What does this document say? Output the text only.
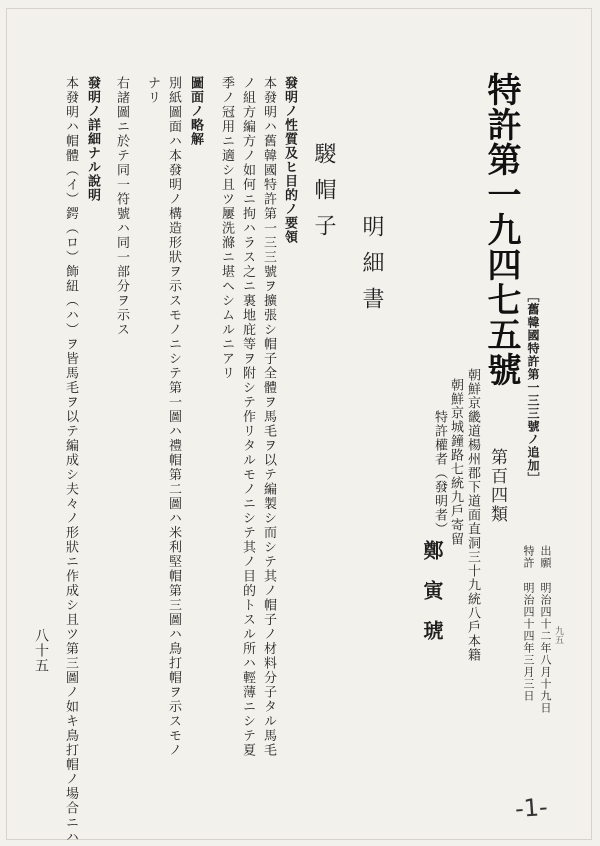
特許第一九四七五號
［舊韓國特許第一三三號ノ追加］
第百四類
出願
明治四十二年八月十九日
特許
明治四十四年三月三日
朝鮮京畿道楊州郡下道面直洞三十九統八戶本籍
朝鮮京城鐘路七統九戶寄留
特許權者（發明者）
鄭　寅　琥
明細書
騣帽子
發明ノ性質及ヒ目的ノ要領
本發明ハ舊韓國特許第一三三號ヲ擴張シ帽子全體ヲ馬毛ヲ以テ編製シ而シテ其ノ帽子ノ材料分子タル馬毛
ノ組方編方ノ如何ニ拘ハラス之ニ裏地庇等ヲ附シテ作リタルモノニシテ其ノ目的トスル所ハ輕薄ニシテ夏
季ノ冠用ニ適シ且ツ屢洗滌ニ堪ヘシムルニアリ
圖面ノ略解
別紙圖面ハ本發明ノ構造形狀ヲ示スモノニシテ第一圖ハ禮帽第二圖ハ米利堅帽第三圖ハ鳥打帽ヲ示スモノ
ナリ
右諸圖ニ於テ同一符號ハ同一部分ヲ示ス
發明ノ詳細ナル說明
本發明ハ帽體（イ）鍔（ロ）飾紐（ハ）ヲ皆馬毛ヲ以テ編成シ夫々ノ形狀ニ作成シ且ツ第三圖ノ如キ鳥打帽ノ場合ニハ
八十五	九五
-1-
